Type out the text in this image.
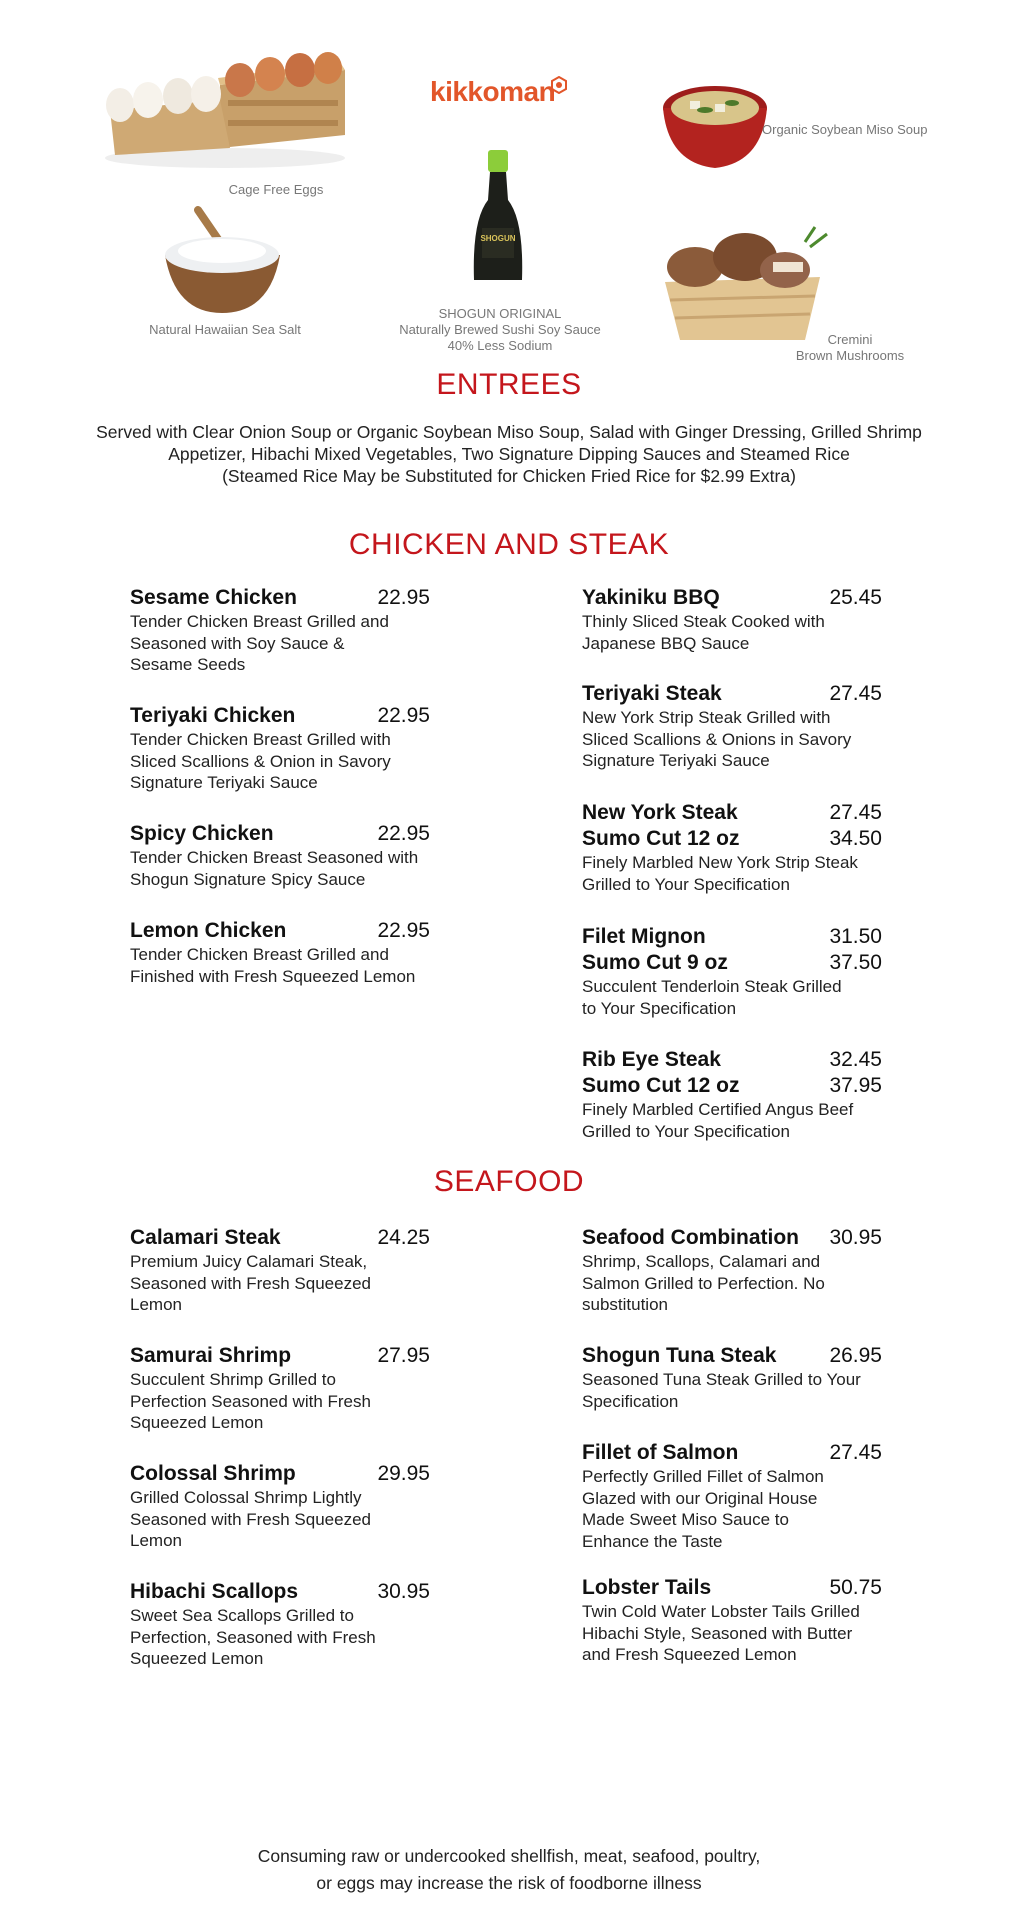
Cage Free Eggs
kikkoman
SHOGUN
SHOGUN ORIGINAL
Naturally Brewed Sushi Soy Sauce
40% Less Sodium
Organic Soybean Miso Soup
Natural Hawaiian Sea Salt
Cremini
Brown Mushrooms
ENTREES
Served with Clear Onion Soup or Organic Soybean Miso Soup, Salad with Ginger Dressing, Grilled Shrimp
Appetizer, Hibachi Mixed Vegetables, Two Signature Dipping Sauces and Steamed Rice
(Steamed Rice May be Substituted for Chicken Fried Rice for $2.99 Extra)
CHICKEN AND STEAK
Sesame Chicken	22.95
Tender Chicken Breast Grilled and Seasoned with Soy Sauce & Sesame Seeds
Teriyaki Chicken	22.95
Tender Chicken Breast Grilled with Sliced Scallions & Onion in Savory Signature Teriyaki Sauce
Spicy Chicken	22.95
Tender Chicken Breast Seasoned with Shogun Signature Spicy Sauce
Lemon Chicken	22.95
Tender Chicken Breast Grilled and Finished with Fresh Squeezed Lemon
Yakiniku BBQ	25.45
Thinly Sliced Steak Cooked with Japanese BBQ Sauce
Teriyaki Steak	27.45
New York Strip Steak Grilled with Sliced Scallions & Onions in Savory Signature Teriyaki Sauce
New York Steak	27.45
Sumo Cut 12 oz	34.50
Finely Marbled New York Strip Steak Grilled to Your Specification
Filet Mignon	31.50
Sumo Cut 9 oz	37.50
Succulent Tenderloin Steak Grilled to Your Specification
Rib Eye Steak	32.45
Sumo Cut 12 oz	37.95
Finely Marbled Certified Angus Beef Grilled to Your Specification
SEAFOOD
Calamari Steak	24.25
Premium Juicy Calamari Steak, Seasoned with Fresh Squeezed Lemon
Samurai Shrimp	27.95
Succulent Shrimp Grilled to Perfection Seasoned with Fresh Squeezed Lemon
Colossal Shrimp	29.95
Grilled Colossal Shrimp Lightly Seasoned with Fresh Squeezed Lemon
Hibachi Scallops	30.95
Sweet Sea Scallops Grilled to Perfection, Seasoned with Fresh Squeezed Lemon
Seafood Combination 30.95
Shrimp, Scallops, Calamari and Salmon Grilled to Perfection. No substitution
Shogun Tuna Steak	26.95
Seasoned Tuna Steak Grilled to Your Specification
Fillet of Salmon	27.45
Perfectly Grilled Fillet of Salmon Glazed with our Original House Made Sweet Miso Sauce to Enhance the Taste
Lobster Tails	50.75
Twin Cold Water Lobster Tails Grilled Hibachi Style, Seasoned with Butter and Fresh Squeezed Lemon
Consuming raw or undercooked shellfish, meat, seafood, poultry,
or eggs may increase the risk of foodborne illness
